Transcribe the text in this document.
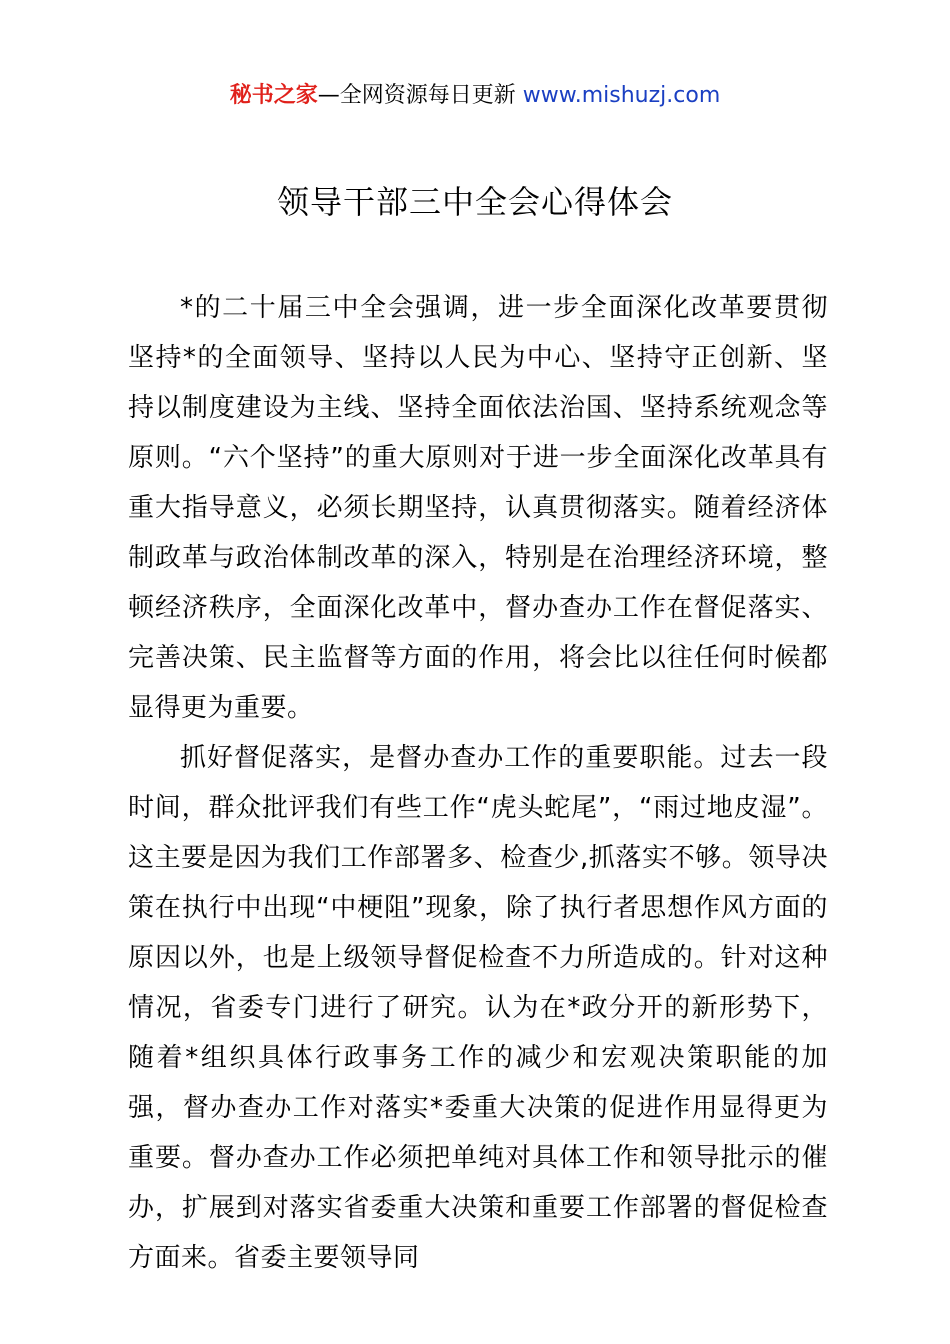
秘书之家—全网资源每日更新 www.mishuzj.com
领导干部三中全会心得体会

*的二十届三中全会强调，进一步全面深化改革要贯彻坚持*的全面领导、坚持以人民为中心、坚持守正创新、坚持以制度建设为主线、坚持全面依法治国、坚持系统观念等原则。“六个坚持”的重大原则对于进一步全面深化改革具有重大指导意义，必须长期坚持，认真贯彻落实。随着经济体制政革与政治体制改革的深入，特别是在治理经济环境，整顿经济秩序，全面深化改革中，督办查办工作在督促落实、完善决策、民主监督等方面的作用，将会比以往任何时候都显得更为重要。

抓好督促落实，是督办查办工作的重要职能。过去一段时间，群众批评我们有些工作“虎头蛇尾”，“雨过地皮湿”。这主要是因为我们工作部署多、检查少,抓落实不够。领导决策在执行中出现“中梗阻”现象，除了执行者思想作风方面的原因以外，也是上级领导督促检查不力所造成的。针对这种情况，省委专门进行了研究。认为在*政分开的新形势下，随着*组织具体行政事务工作的减少和宏观决策职能的加强，督办查办工作对落实*委重大决策的促进作用显得更为重要。督办查办工作必须把单纯对具体工作和领导批示的催办，扩展到对落实省委重大决策和重要工作部署的督促检查方面来。省委主要领导同
